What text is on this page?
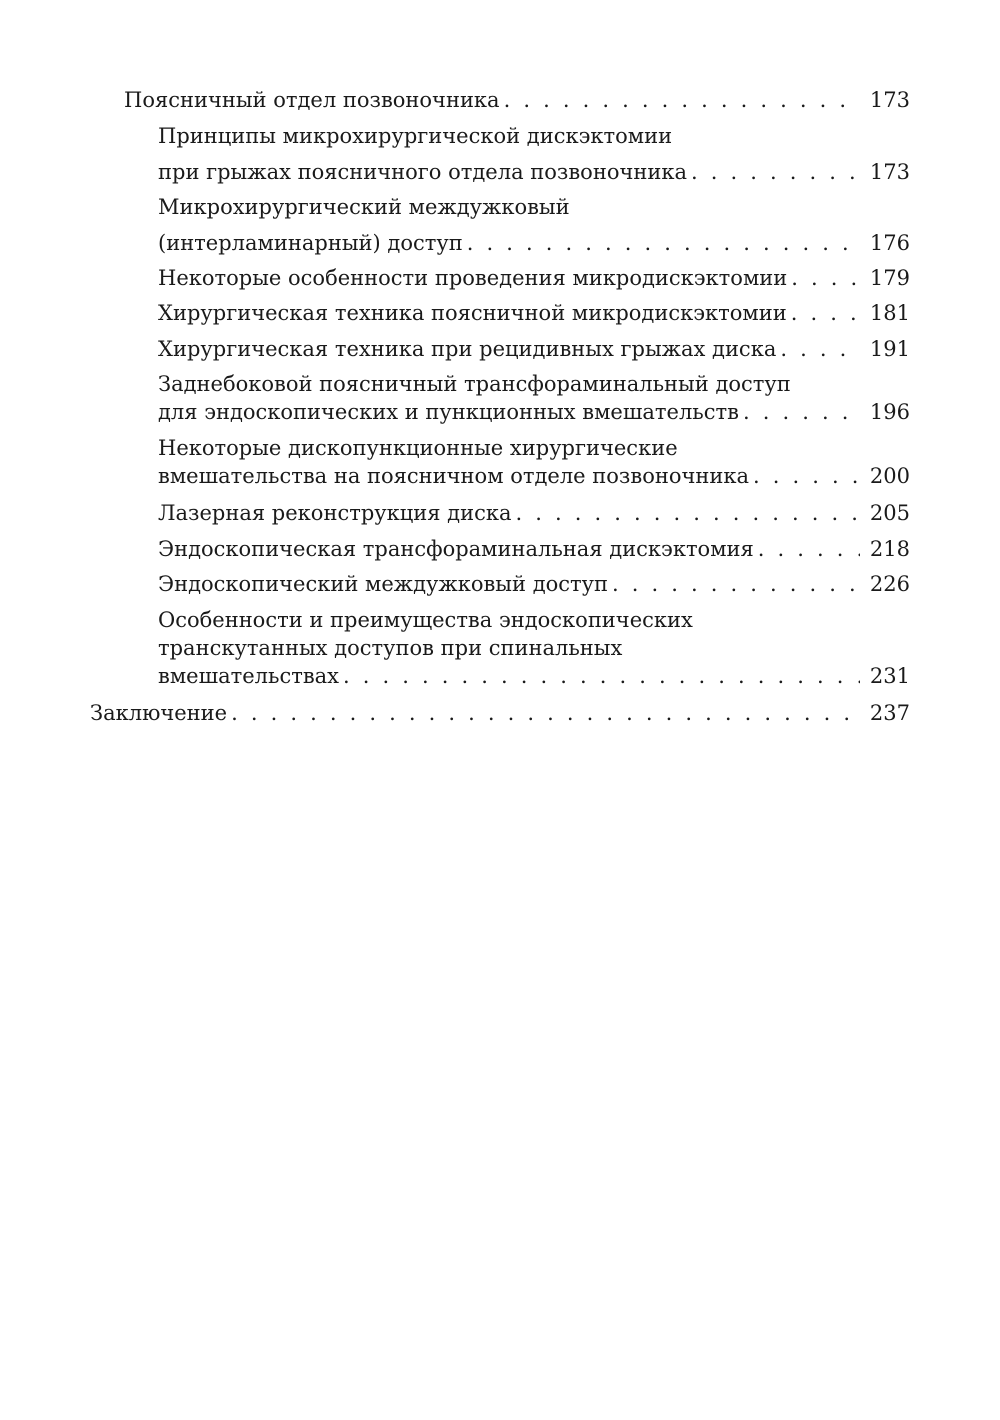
Поясничный отдел позвоночника . . .	173
Принципы микрохирургической дискэктомии
при грыжах поясничного отдела позвоночника . . .	173
Микрохирургический междужковый
(интерламинарный) доступ . . .	176
Некоторые особенности проведения микродискэктомии . . .	179
Хирургическая техника поясничной микродискэктомии . . .	181
Хирургическая техника при рецидивных грыжах диска . . .	191
Заднебоковой поясничный трансфораминальный доступ
для эндоскопических и пункционных вмешательств . . .	196
Некоторые дископункционные хирургические
вмешательства на поясничном отделе позвоночника . . .	200
Лазерная реконструкция диска . . .	205
Эндоскопическая трансфораминальная дискэктомия . . .	218
Эндоскопический междужковый доступ . . .	226
Особенности и преимущества эндоскопических
транскутанных доступов при спинальных
вмешательствах . . .	231
Заключение . . .	237
